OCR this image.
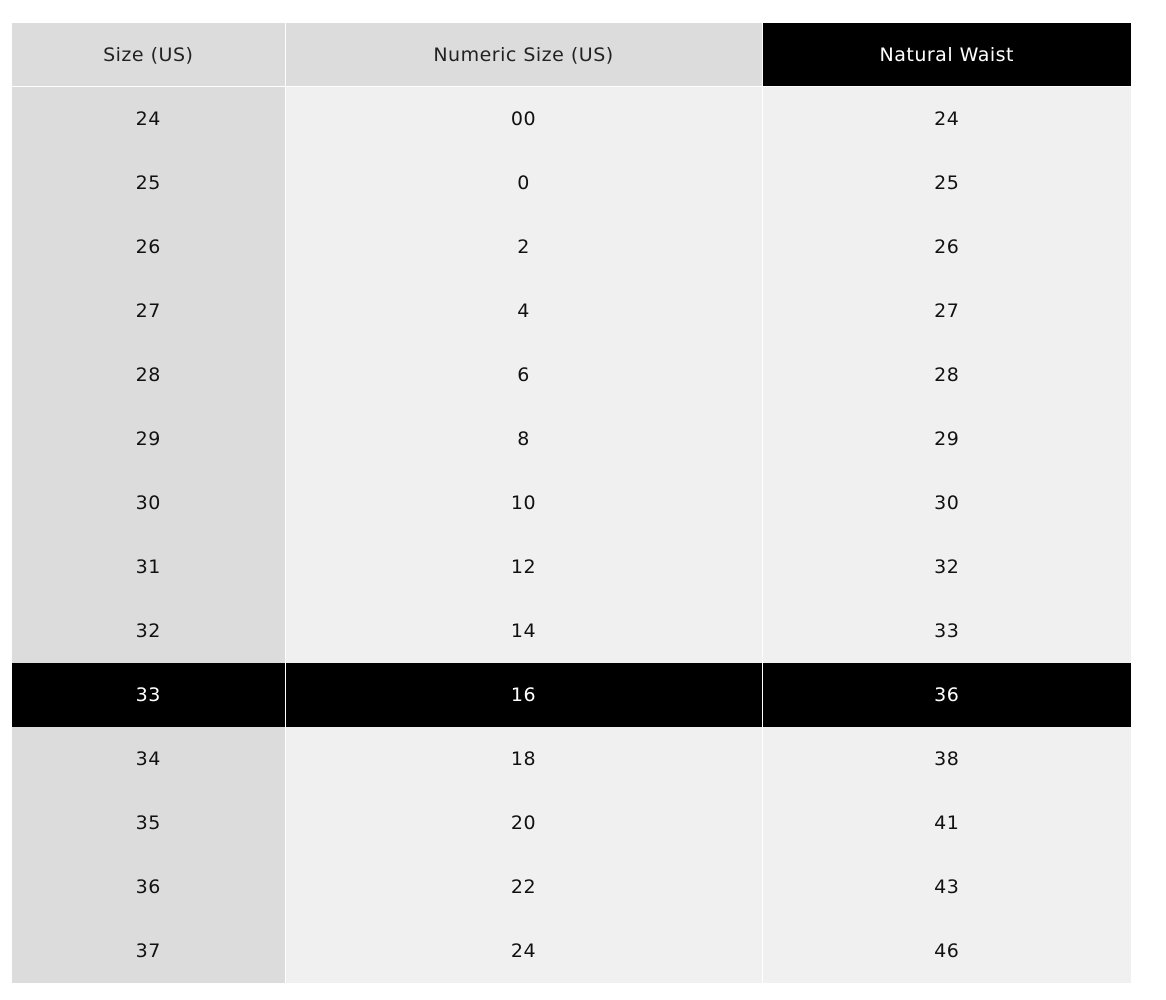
Size (US)	Numeric Size (US)	Natural Waist
24	00	24
25	0	25
26	2	26
27	4	27
28	6	28
29	8	29
30	10	30
31	12	32
32	14	33
33	16	36
34	18	38
35	20	41
36	22	43
37	24	46
